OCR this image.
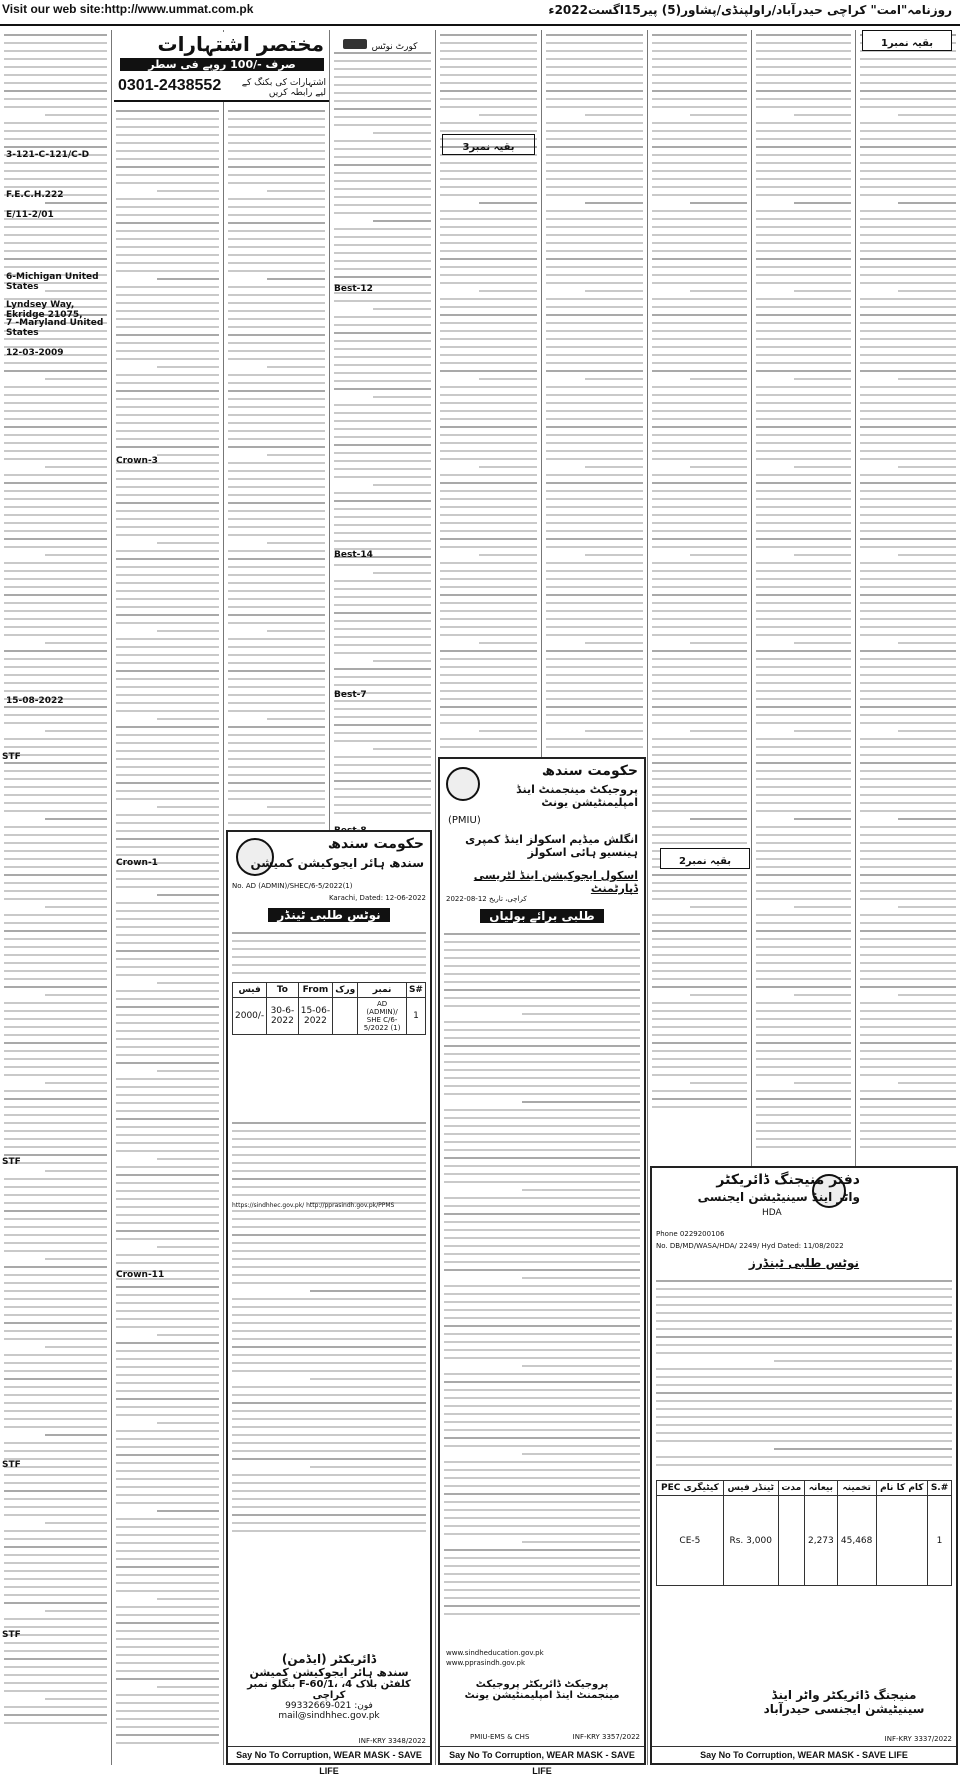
Visit our web site:http://www.ummat.com.pk	روزنامہ"امت" کراچی حیدرآباد/راولپنڈی/پشاور(5) پیر15اگست2022ء
3-121-C-121/C-D
F.E.C.H.222
E/11-2/01
6-Michigan United States
Lyndsey Way, Ekridge 21075,
7 -Maryland United States
12-03-2009
15-08-2022
STF
STF
STF
STF
Crown-3
Crown-1
Crown-11
مختصر اشتہارات
صرف -/100 روپے فی سطر
0301-2438552	اشتہارات کی بکنگ کے لیے رابطہ کریں
کورٹ نوٹس
Best-12
Best-14
Best-7
حکومت سندھ
سندھ ہائر ایجوکیشن کمیشن
No. AD (ADMIN)/SHEC/6-5/2022(1)
Karachi, Dated: 12-06-2022
نوٹس طلبی ٹینڈر
فیس	To	From	ورک	نمبر	S#
2000/-	30-6-2022	15-06-2022		AD (ADMIN)/ SHE C/6-5/2022 (1)	1
https://sindhhec.gov.pk/ http://pprasindh.gov.pk/PPMS
ڈائریکٹر (ایڈمن)
سندھ ہائر ایجوکیشن کمیشن
بنگلو نمبر F-60/1، کلفٹن بلاک 4، کراچی
فون: 021-99332669
mail@sindhhec.gov.pk
INF-KRY 3348/2022
Say No To Corruption, WEAR MASK - SAVE LIFE
بقیہ نمبر3
حکومت سندھ
پروجیکٹ مینجمنٹ اینڈ امپلیمنٹیشن یونٹ
(PMIU)
انگلش میڈیم اسکولز اینڈ کمپری ہینسیو ہائی اسکولز
اسکول ایجوکیشن اینڈ لٹریسی ڈپارٹمنٹ
کراچی، تاریخ 12-08-2022
طلبی برائے بولیاں
www.sindheducation.gov.pk
www.pprasindh.gov.pk
پروجیکٹ ڈائریکٹر پروجیکٹ مینجمنٹ اینڈ امپلیمنٹیشن یونٹ
PMIU-EMS & CHS	INF-KRY 3357/2022
Say No To Corruption, WEAR MASK - SAVE LIFE
بقیہ نمبر1
بقیہ نمبر2
دفتر منیجنگ ڈائریکٹر
واٹر اینڈ سینیٹیشن ایجنسی
HDA
Phone 0229200106
No. DB/MD/WASA/HDA/ 2249/ Hyd Dated: 11/08/2022
نوٹس طلبی ٹینڈرز
PEC کیٹیگری	ٹینڈر فیس	مدت	بیعانہ	تخمینہ	کام کا نام	S.#
CE-5	Rs. 3,000		2,273	45,468		1
منیجنگ ڈائریکٹر واٹر اینڈ سینیٹیشن ایجنسی حیدرآباد
INF-KRY 3337/2022
Say No To Corruption, WEAR MASK - SAVE LIFE
